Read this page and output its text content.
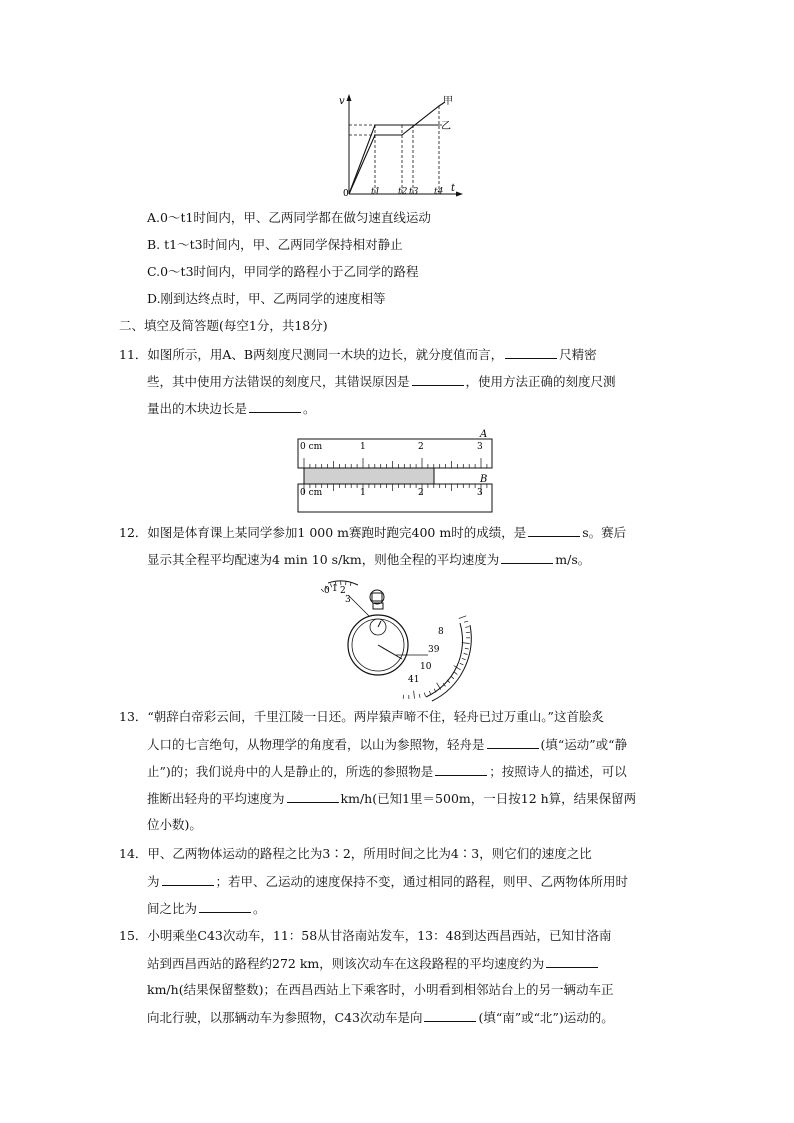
v
t
0
甲
乙
t1 t2 t3 t4
A.0～t1时间内，甲、乙两同学都在做匀速直线运动
B. t1～t3时间内，甲、乙两同学保持相对静止
C.0～t3时间内，甲同学的路程小于乙同学的路程
D.刚到达终点时，甲、乙两同学的速度相等
二、填空及简答题(每空1分，共18分)
11．如图所示，用A、B两刻度尺测同一木块的边长，就分度值而言，	尺精密
些，其中使用方法错误的刻度尺，其错误原因是	，使用方法正确的刻度尺测
量出的木块边长是	。
A
B
0 cm	1	2	3
0 cm	1	2	3
12．如图是体育课上某同学参加1 000 m赛跑时跑完400 m时的成绩，是	s。赛后
显示其全程平均配速为4 min 10 s/km，则他全程的平均速度为	m/s。
0 1 2
3
8
39
10
41
13．“朝辞白帝彩云间，千里江陵一日还。两岸猿声啼不住，轻舟已过万重山。”这首脍炙
人口的七言绝句，从物理学的角度看，以山为参照物，轻舟是	(填“运动”或“静
止”)的；我们说舟中的人是静止的，所选的参照物是	；按照诗人的描述，可以
推断出轻舟的平均速度为	km/h(已知1里＝500m，一日按12 h算，结果保留两
位小数)。
14．甲、乙两物体运动的路程之比为3∶2，所用时间之比为4∶3，则它们的速度之比
为	；若甲、乙运动的速度保持不变，通过相同的路程，则甲、乙两物体所用时
间之比为	。
15．小明乘坐C43次动车，11：58从甘洛南站发车，13：48到达西昌西站，已知甘洛南
站到西昌西站的路程约272 km，则该次动车在这段路程的平均速度约为
km/h(结果保留整数)；在西昌西站上下乘客时，小明看到相邻站台上的另一辆动车正
向北行驶，以那辆动车为参照物，C43次动车是向	(填“南”或“北”)运动的。
